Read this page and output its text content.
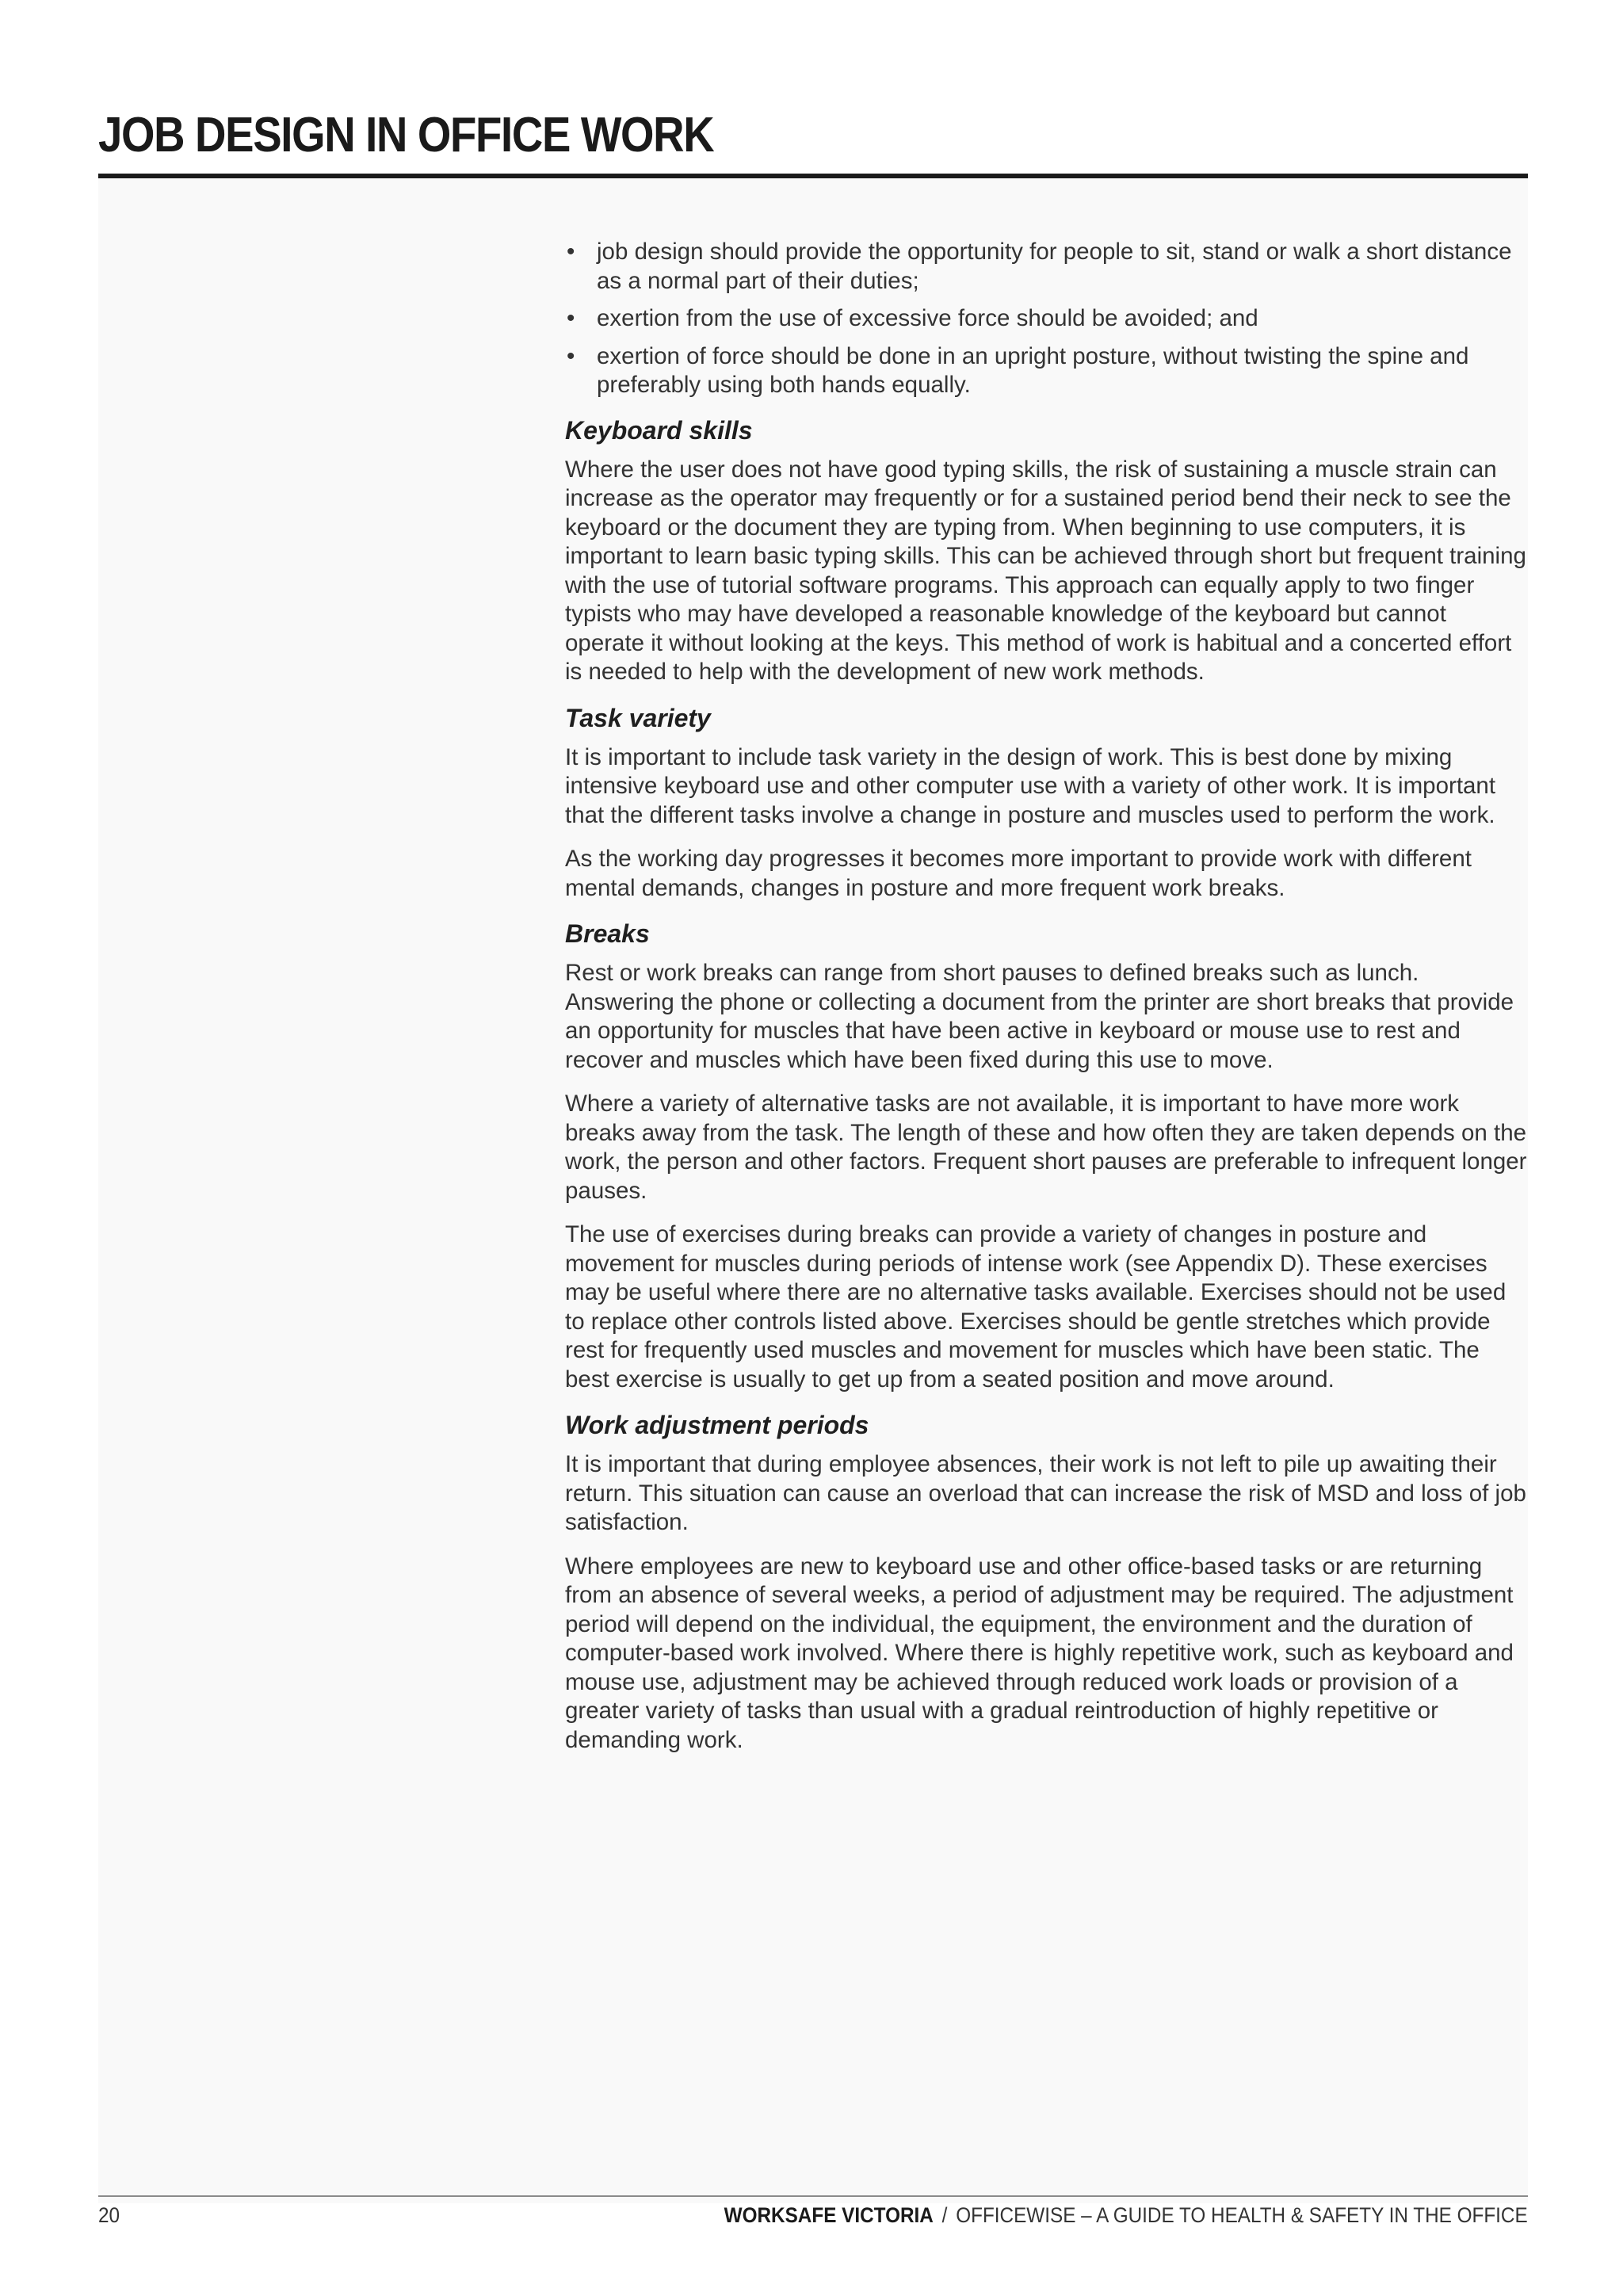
JOB DESIGN IN OFFICE WORK
• job design should provide the opportunity for people to sit, stand or walk a short distance as a normal part of their duties;
• exertion from the use of excessive force should be avoided; and
• exertion of force should be done in an upright posture, without twisting the spine and preferably using both hands equally.
Keyboard skills

Where the user does not have good typing skills, the risk of sustaining a muscle strain can increase as the operator may frequently or for a sustained period bend their neck to see the keyboard or the document they are typing from. When beginning to use computers, it is important to learn basic typing skills. This can be achieved through short but frequent training with the use of tutorial software programs. This approach can equally apply to two finger typists who may have developed a reasonable knowledge of the keyboard but cannot operate it without looking at the keys. This method of work is habitual and a concerted effort is needed to help with the development of new work methods.

Task variety

It is important to include task variety in the design of work. This is best done by mixing intensive keyboard use and other computer use with a variety of other work. It is important that the different tasks involve a change in posture and muscles used to perform the work.

As the working day progresses it becomes more important to provide work with different mental demands, changes in posture and more frequent work breaks.

Breaks

Rest or work breaks can range from short pauses to defined breaks such as lunch. Answering the phone or collecting a document from the printer are short breaks that provide an opportunity for muscles that have been active in keyboard or mouse use to rest and recover and muscles which have been fixed during this use to move.

Where a variety of alternative tasks are not available, it is important to have more work breaks away from the task. The length of these and how often they are taken depends on the work, the person and other factors. Frequent short pauses are preferable to infrequent longer pauses.

The use of exercises during breaks can provide a variety of changes in posture and movement for muscles during periods of intense work (see Appendix D). These exercises may be useful where there are no alternative tasks available. Exercises should not be used to replace other controls listed above. Exercises should be gentle stretches which provide rest for frequently used muscles and movement for muscles which have been static. The best exercise is usually to get up from a seated position and move around.

Work adjustment periods

It is important that during employee absences, their work is not left to pile up awaiting their return. This situation can cause an overload that can increase the risk of MSD and loss of job satisfaction.

Where employees are new to keyboard use and other office-based tasks or are returning from an absence of several weeks, a period of adjustment may be required. The adjustment period will depend on the individual, the equipment, the environment and the duration of computer-based work involved. Where there is highly repetitive work, such as keyboard and mouse use, adjustment may be achieved through reduced work loads or provision of a greater variety of tasks than usual with a gradual reintroduction of highly repetitive or demanding work.

20	WORKSAFE VICTORIA / OFFICEWISE – A GUIDE TO HEALTH & SAFETY IN THE OFFICE
